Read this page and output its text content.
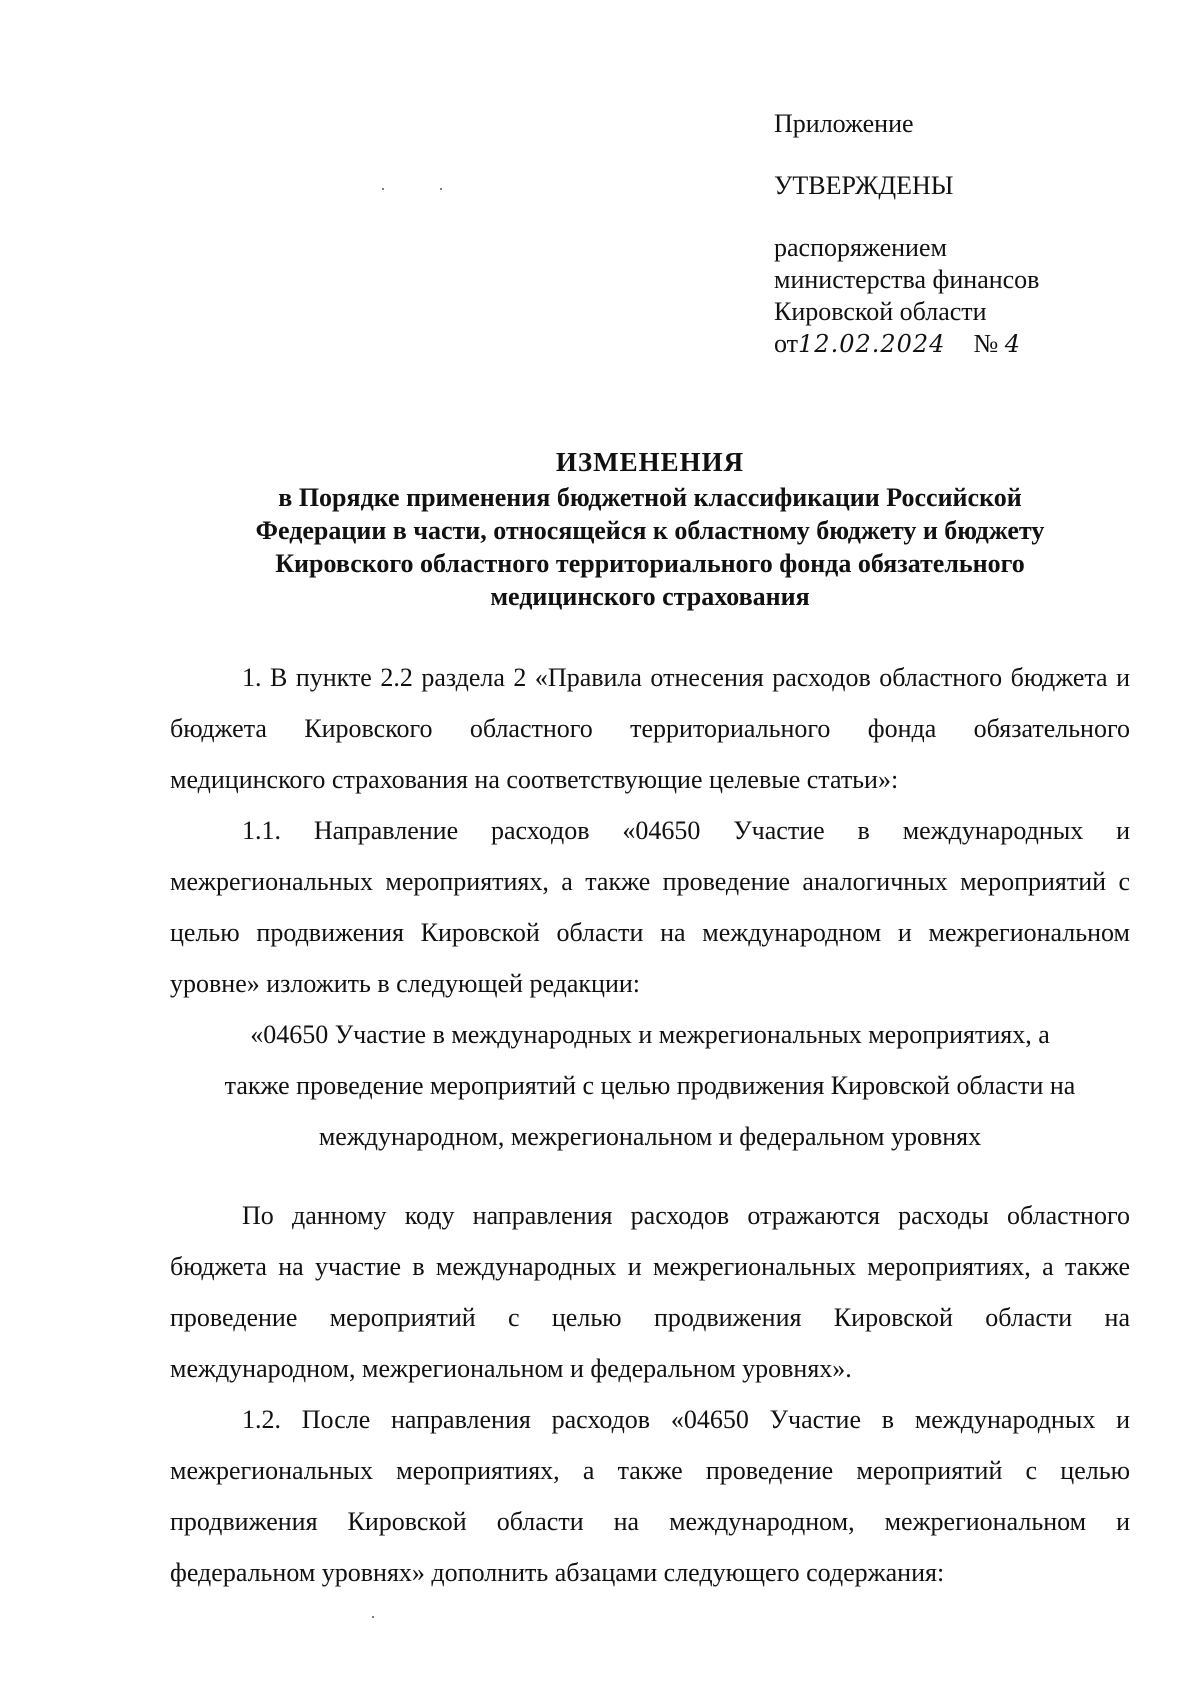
Приложение
УТВЕРЖДЕНЫ
распоряжением
министерства финансов
Кировской области
от12.02.2024 № 4
ИЗМЕНЕНИЯ
в Порядке применения бюджетной классификации Российской
Федерации в части, относящейся к областному бюджету и бюджету
Кировского областного территориального фонда обязательного
медицинского страхования

1. В пункте 2.2 раздела 2 «Правила отнесения расходов областного бюджета и бюджета Кировского областного территориального фонда обязательного медицинского страхования на соответствующие целевые статьи»:

1.1. Направление расходов «04650 Участие в международных и межрегиональных мероприятиях, а также проведение аналогичных мероприятий с целью продвижения Кировской области на международном и межрегиональном уровне» изложить в следующей редакции:

«04650 Участие в международных и межрегиональных мероприятиях, а

также проведение мероприятий с целью продвижения Кировской области на

международном, межрегиональном и федеральном уровнях

По данному коду направления расходов отражаются расходы областного бюджета на участие в международных и межрегиональных мероприятиях, а также проведение мероприятий с целью продвижения Кировской области на международном, межрегиональном и федеральном уровнях».

1.2. После направления расходов «04650 Участие в международных и межрегиональных мероприятиях, а также проведение мероприятий с целью продвижения Кировской области на международном, межрегиональном и федеральном уровнях» дополнить абзацами следующего содержания:
